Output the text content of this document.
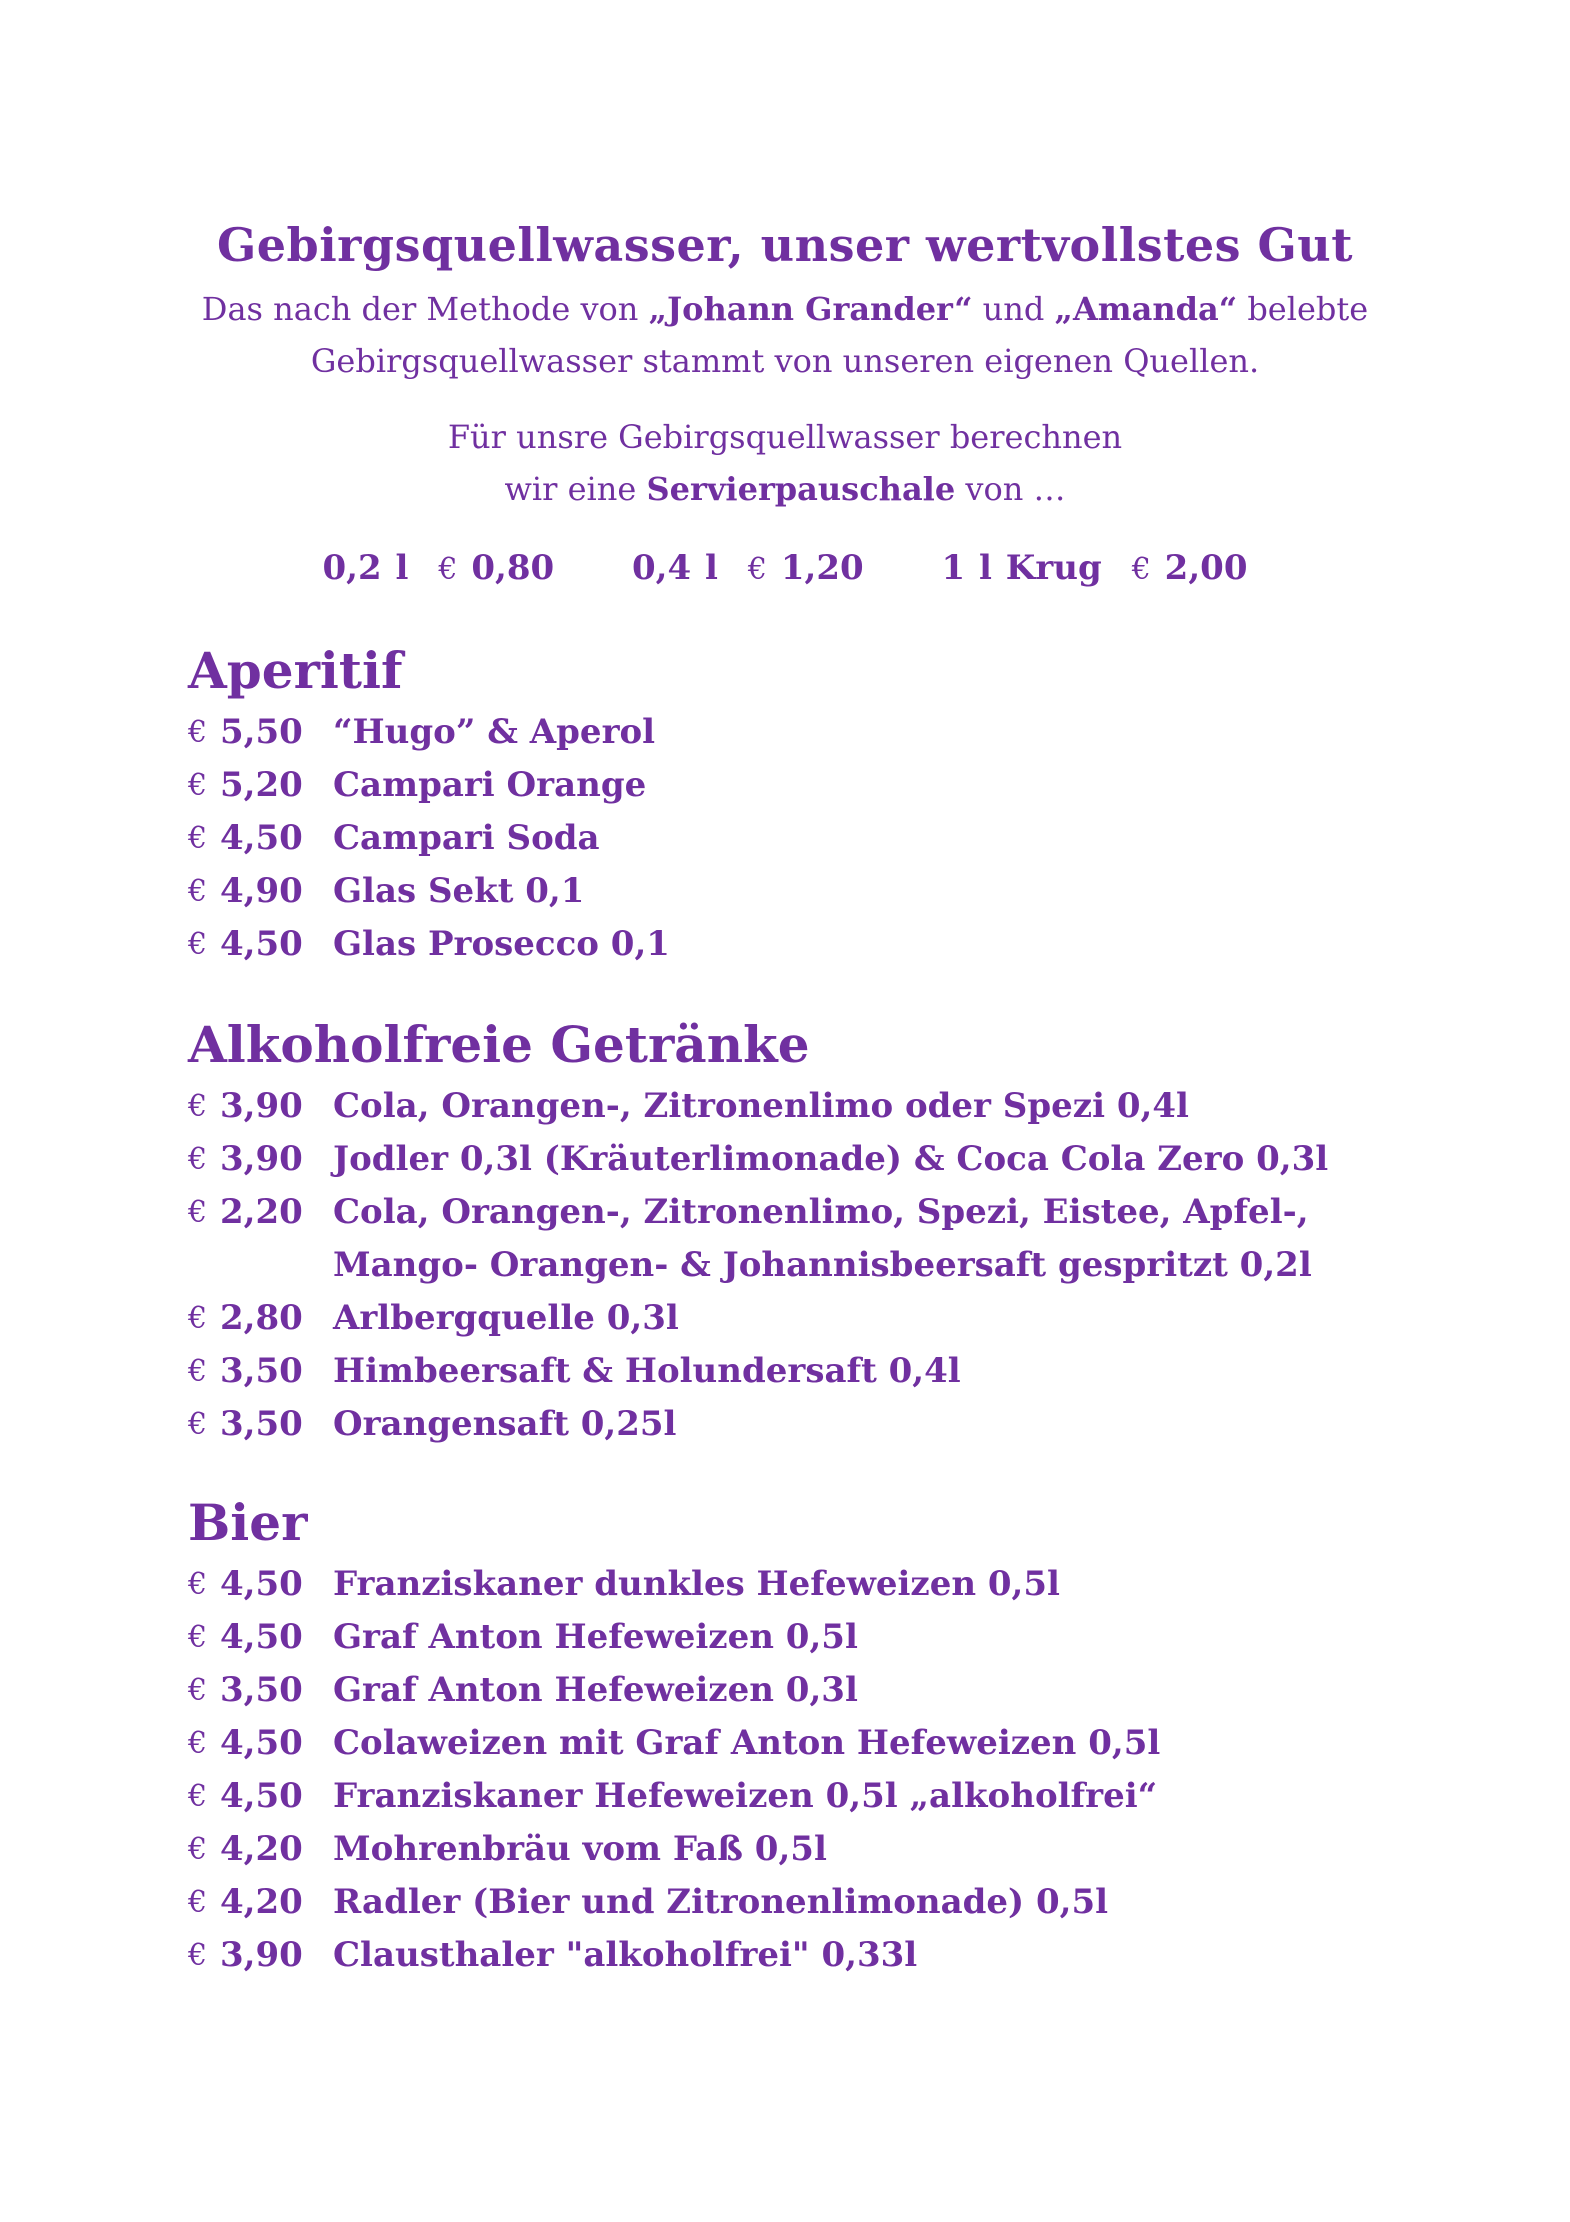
Gebirgsquellwasser, unser wertvollstes Gut
Das nach der Methode von „Johann Grander“ und „Amanda“ belebte
Gebirgsquellwasser stammt von unseren eigenen Quellen.
Für unsre Gebirgsquellwasser berechnen
wir eine Servierpauschale von …
0,2 l € 0,80 0,4 l € 1,20 1 l Krug € 2,00
Aperitif
€ 5,50 “Hugo” & Aperol
€ 5,20 Campari Orange
€ 4,50 Campari Soda
€ 4,90 Glas Sekt 0,1
€ 4,50 Glas Prosecco 0,1
Alkoholfreie Getränke
€ 3,90 Cola, Orangen-, Zitronenlimo oder Spezi 0,4l
€ 3,90 Jodler 0,3l (Kräuterlimonade) & Coca Cola Zero 0,3l
€ 2,20 Cola, Orangen-, Zitronenlimo, Spezi, Eistee, Apfel-, Mango- Orangen- & Johannisbeersaft gespritzt 0,2l
€ 2,80 Arlbergquelle 0,3l
€ 3,50 Himbeersaft & Holundersaft 0,4l
€ 3,50 Orangensaft 0,25l
Bier
€ 4,50 Franziskaner dunkles Hefeweizen 0,5l
€ 4,50 Graf Anton Hefeweizen 0,5l
€ 3,50 Graf Anton Hefeweizen 0,3l
€ 4,50 Colaweizen mit Graf Anton Hefeweizen 0,5l
€ 4,50 Franziskaner Hefeweizen 0,5l „alkoholfrei“
€ 4,20 Mohrenbräu vom Faß 0,5l
€ 4,20 Radler (Bier und Zitronenlimonade) 0,5l
€ 3,90 Clausthaler "alkoholfrei" 0,33l
